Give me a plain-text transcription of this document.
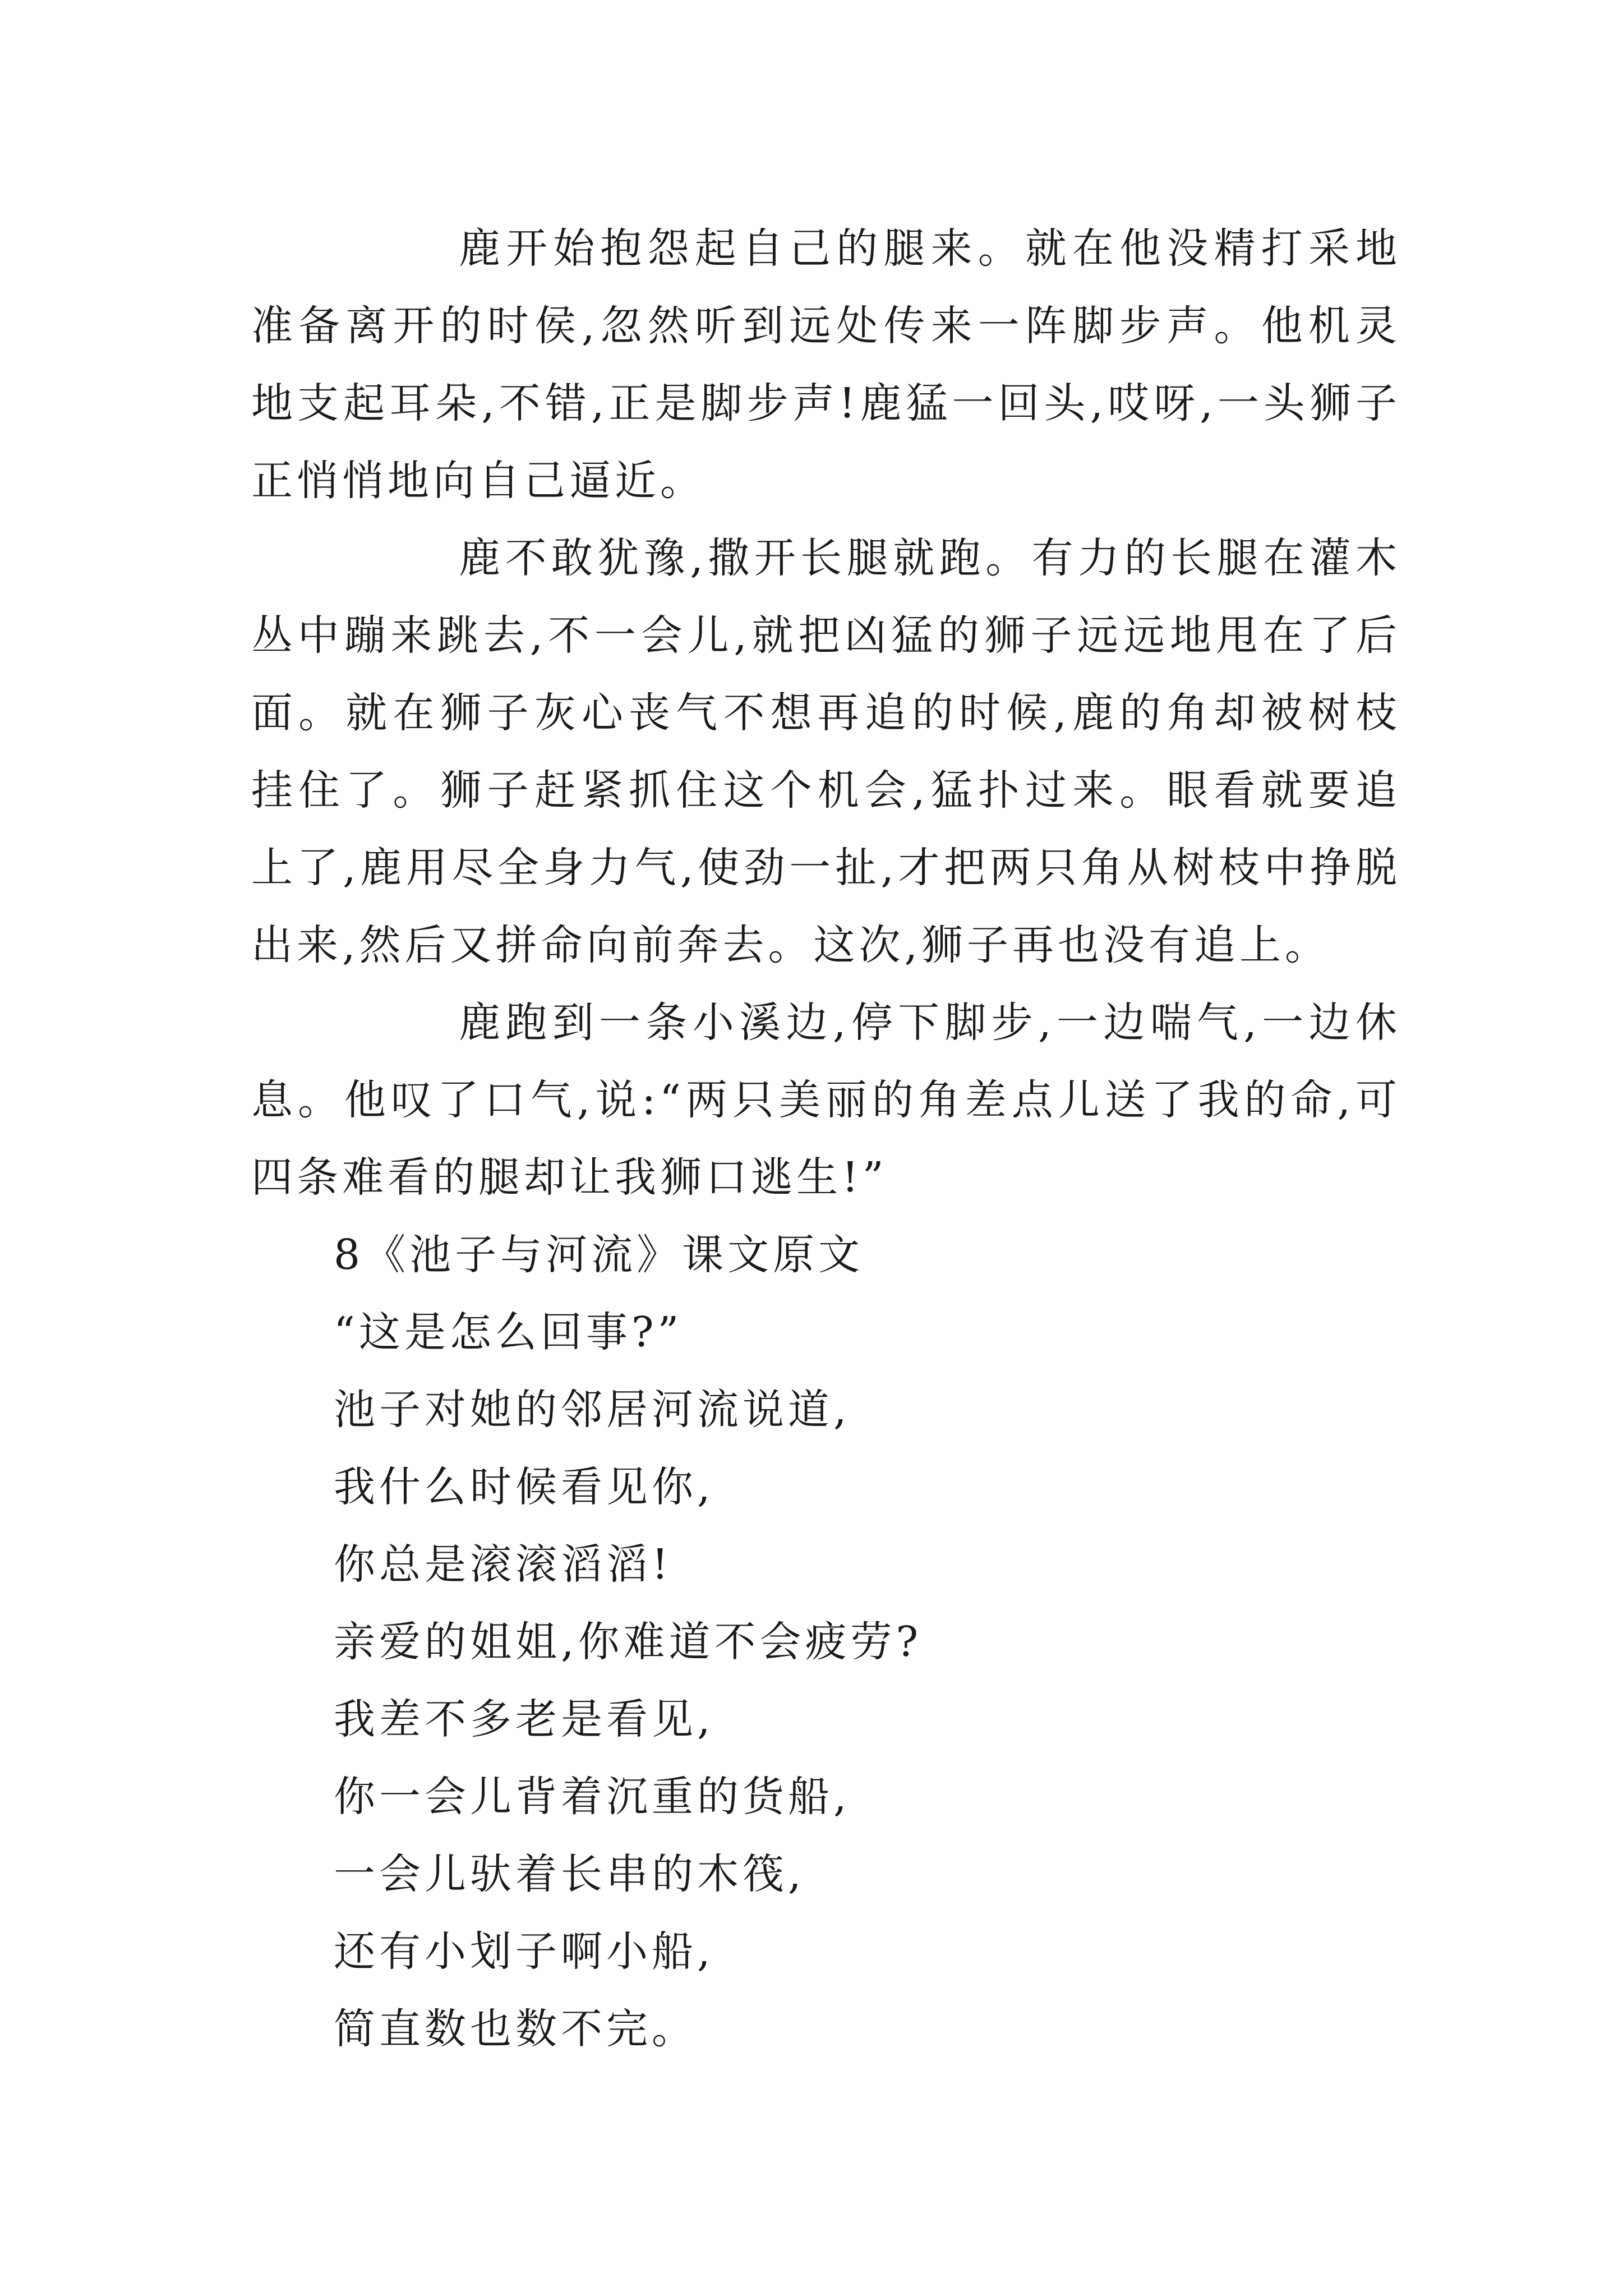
鹿开始抱怨起自己的腿来。就在他没精打采地准备离开的时侯,忽然听到远处传来一阵脚步声。他机灵地支起耳朵,不错,正是脚步声!鹿猛一回头,哎呀,一头狮子正悄悄地向自己逼近。

鹿不敢犹豫,撒开长腿就跑。有力的长腿在灌木丛中蹦来跳去,不一会儿,就把凶猛的狮子远远地甩在了后面。就在狮子灰心丧气不想再追的时候,鹿的角却被树枝挂住了。狮子赶紧抓住这个机会,猛扑过来。眼看就要追上了,鹿用尽全身力气,使劲一扯,才把两只角从树枝中挣脱出来,然后又拼命向前奔去。这次,狮子再也没有追上。

鹿跑到一条小溪边,停下脚步,一边喘气,一边休息。他叹了口气,说:“两只美丽的角差点儿送了我的命,可四条难看的腿却让我狮口逃生!”

8《池子与河流》课文原文
“这是怎么回事?”
池子对她的邻居河流说道,
我什么时候看见你,
你总是滚滚滔滔!
亲爱的姐姐,你难道不会疲劳?
我差不多老是看见,
你一会儿背着沉重的货船,
一会儿驮着长串的木筏,
还有小划子啊小船,
简直数也数不完。
